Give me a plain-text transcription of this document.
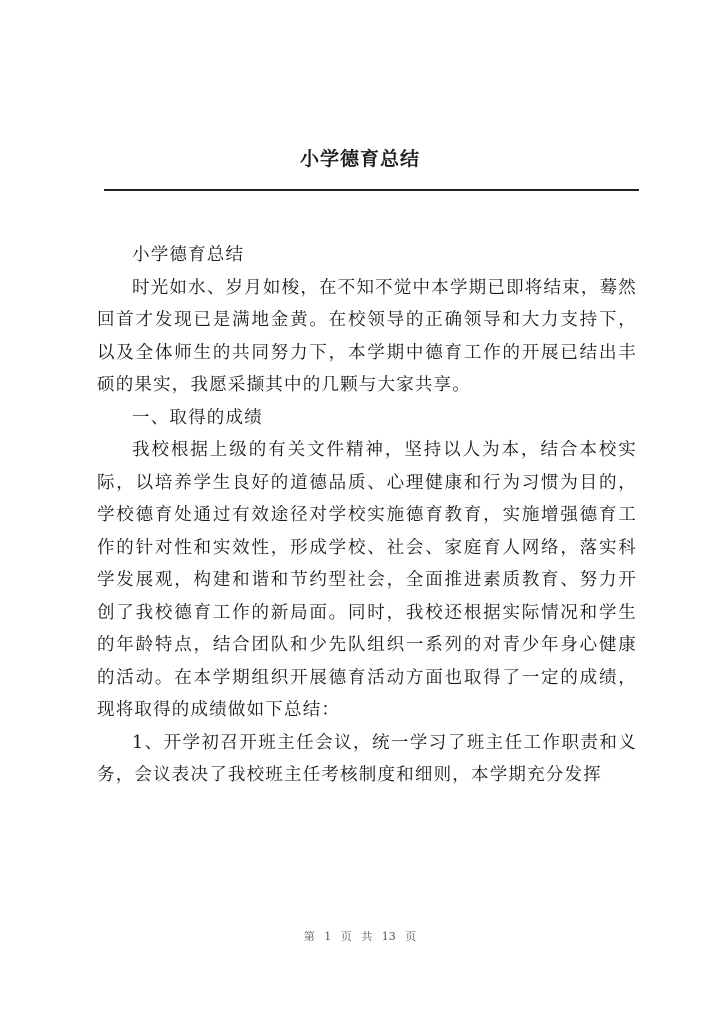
小学德育总结

小学德育总结

时光如水、岁月如梭，在不知不觉中本学期已即将结束，蓦然回首才发现已是满地金黄。在校领导的正确领导和大力支持下，以及全体师生的共同努力下，本学期中德育工作的开展已结出丰硕的果实，我愿采撷其中的几颗与大家共享。

一、取得的成绩

我校根据上级的有关文件精神，坚持以人为本，结合本校实际，以培养学生良好的道德品质、心理健康和行为习惯为目的，学校德育处通过有效途径对学校实施德育教育，实施增强德育工作的针对性和实效性，形成学校、社会、家庭育人网络，落实科学发展观，构建和谐和节约型社会，全面推进素质教育、努力开创了我校德育工作的新局面。同时，我校还根据实际情况和学生的年龄特点，结合团队和少先队组织一系列的对青少年身心健康的活动。在本学期组织开展德育活动方面也取得了一定的成绩，现将取得的成绩做如下总结：

1、开学初召开班主任会议，统一学习了班主任工作职责和义务，会议表决了我校班主任考核制度和细则，本学期充分发挥

第 1 页 共 13 页
